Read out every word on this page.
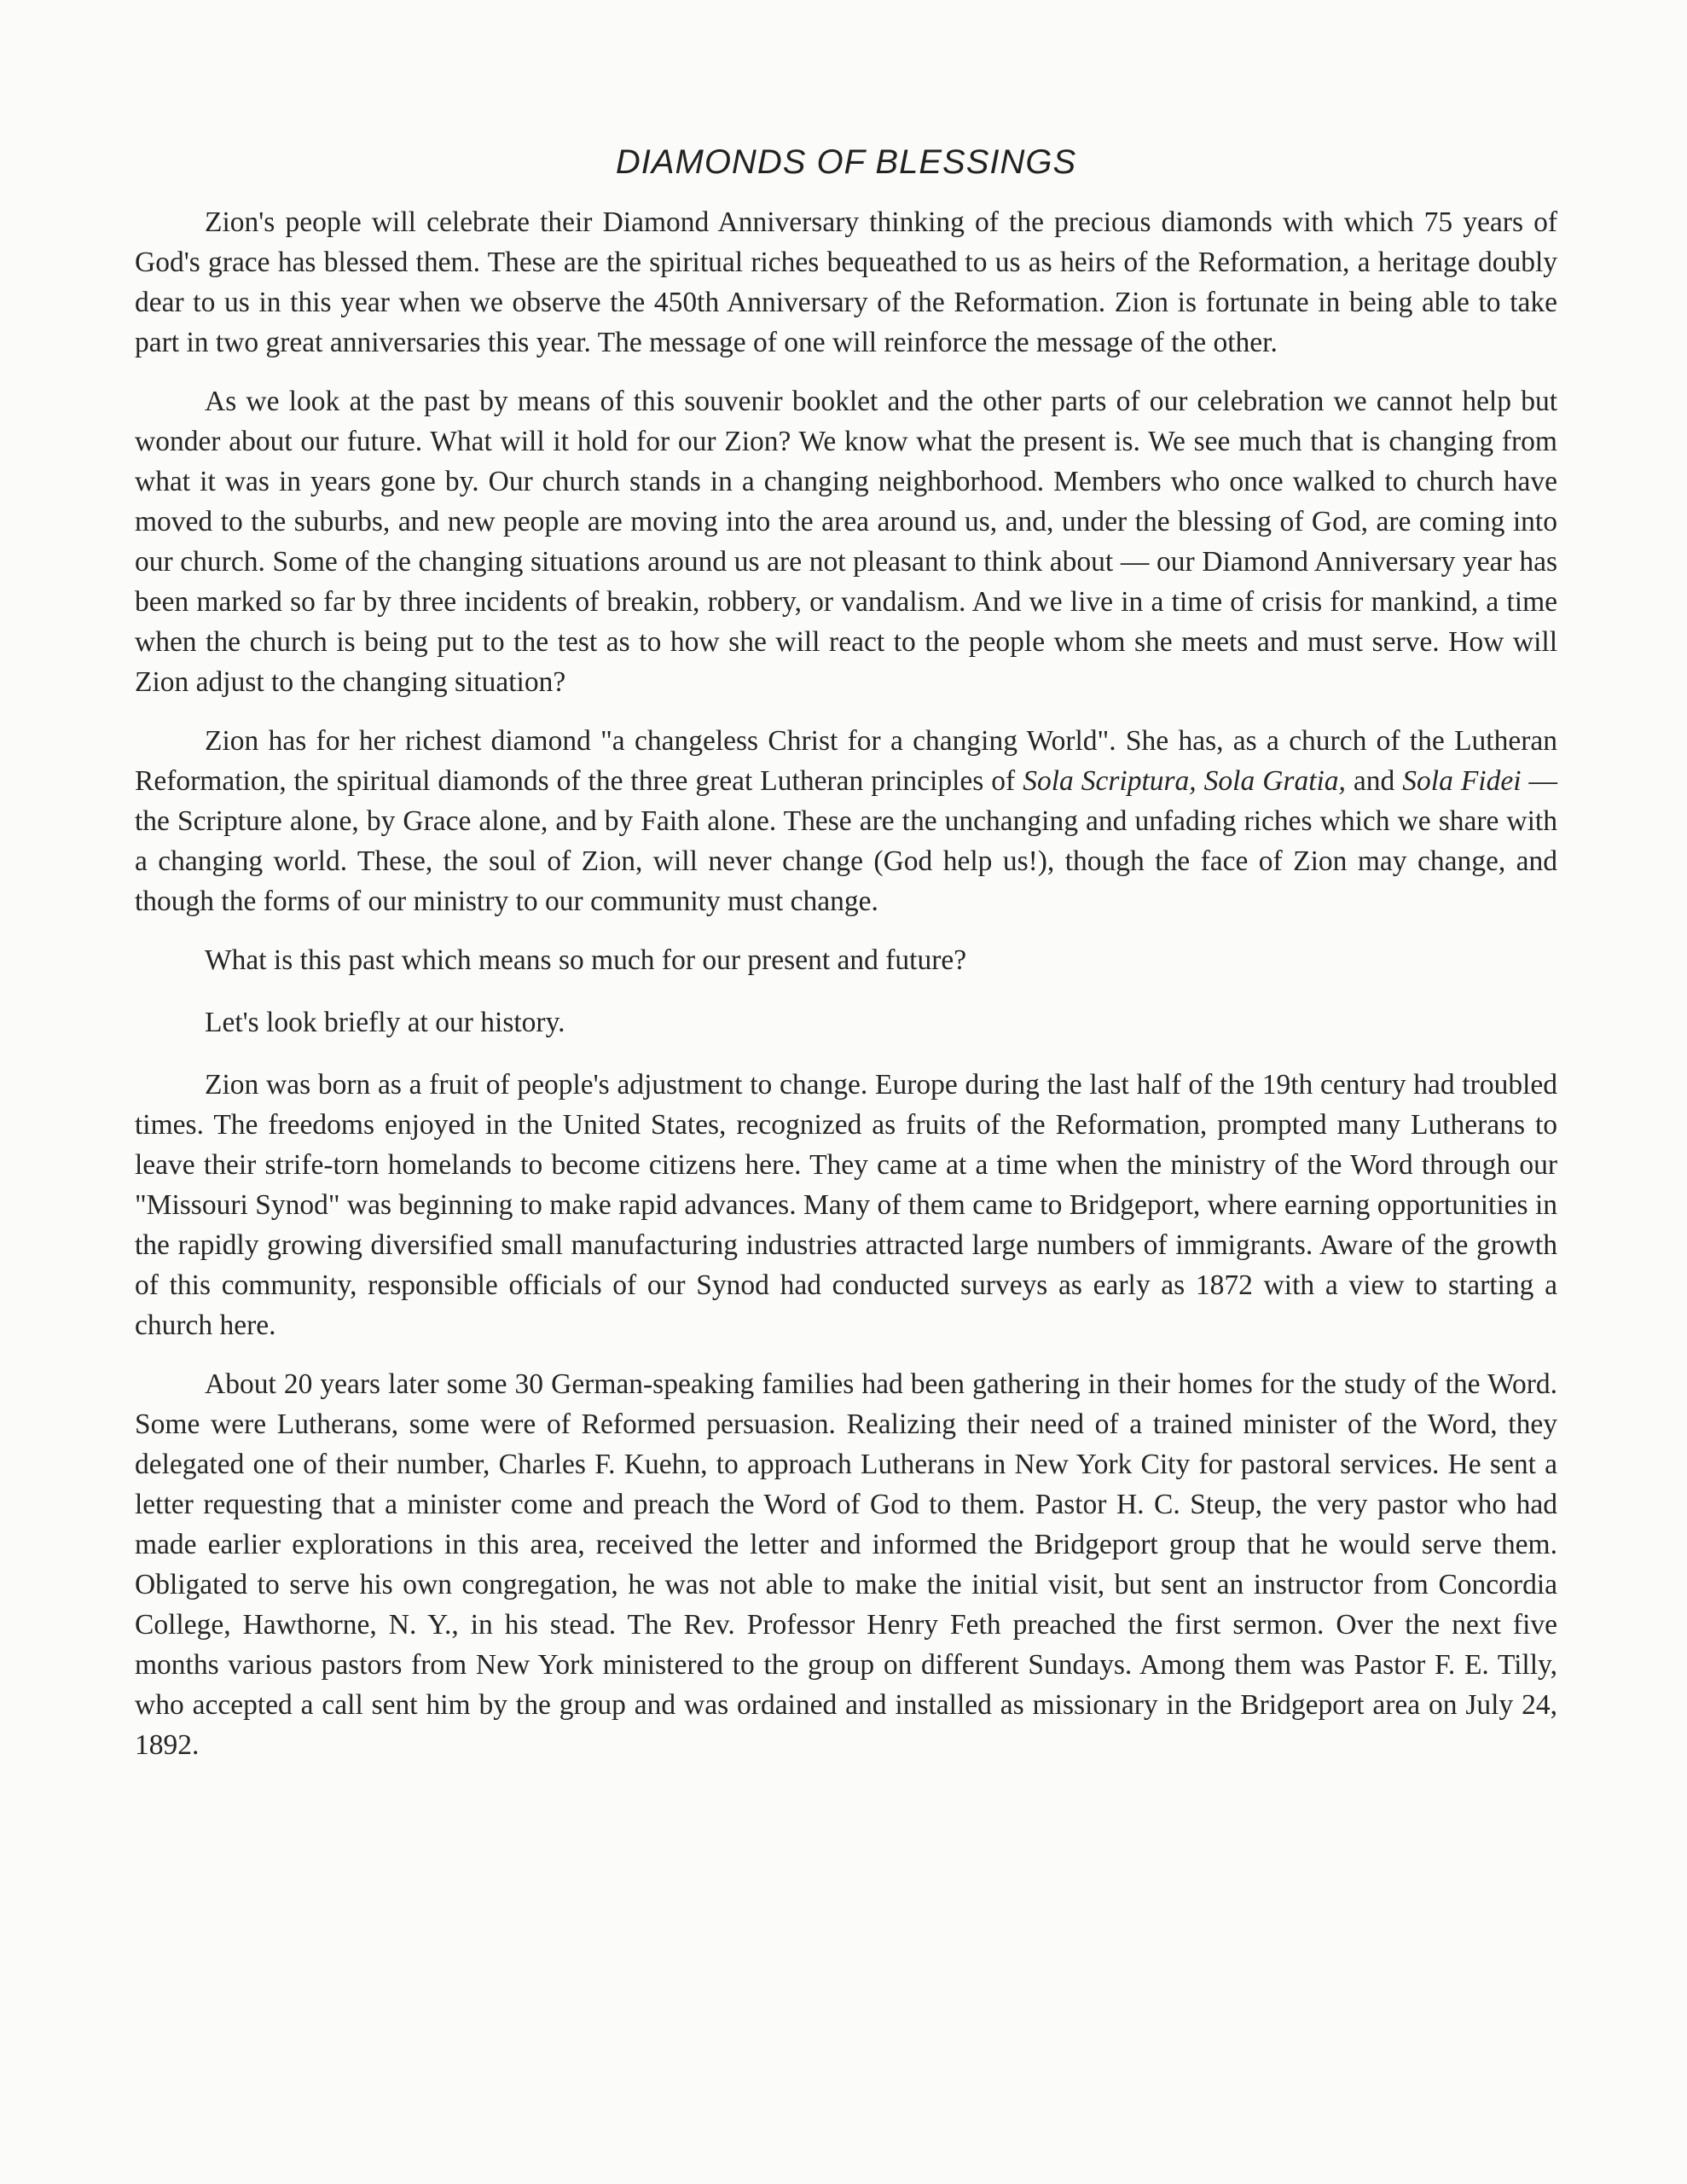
DIAMONDS OF BLESSINGS

Zion's people will celebrate their Diamond Anniversary thinking of the precious diamonds with which 75 years of God's grace has blessed them. These are the spiritual riches bequeathed to us as heirs of the Reformation, a heritage doubly dear to us in this year when we observe the 450th Anniversary of the Reformation. Zion is fortunate in being able to take part in two great anniversaries this year. The message of one will reinforce the message of the other.

As we look at the past by means of this souvenir booklet and the other parts of our celebration we cannot help but wonder about our future. What will it hold for our Zion? We know what the present is. We see much that is changing from what it was in years gone by. Our church stands in a changing neighborhood. Members who once walked to church have moved to the suburbs, and new people are moving into the area around us, and, under the blessing of God, are coming into our church. Some of the changing situations around us are not pleasant to think about — our Diamond Anniversary year has been marked so far by three incidents of breakin, robbery, or vandalism. And we live in a time of crisis for mankind, a time when the church is being put to the test as to how she will react to the people whom she meets and must serve. How will Zion adjust to the changing situation?

Zion has for her richest diamond "a changeless Christ for a changing World". She has, as a church of the Lutheran Reformation, the spiritual diamonds of the three great Lutheran principles of Sola Scriptura, Sola Gratia, and Sola Fidei — the Scripture alone, by Grace alone, and by Faith alone. These are the unchanging and unfading riches which we share with a changing world. These, the soul of Zion, will never change (God help us!), though the face of Zion may change, and though the forms of our ministry to our community must change.

What is this past which means so much for our present and future?

Let's look briefly at our history.

Zion was born as a fruit of people's adjustment to change. Europe during the last half of the 19th century had troubled times. The freedoms enjoyed in the United States, recognized as fruits of the Reformation, prompted many Lutherans to leave their strife-torn homelands to become citizens here. They came at a time when the ministry of the Word through our "Missouri Synod" was beginning to make rapid advances. Many of them came to Bridgeport, where earning opportunities in the rapidly growing diversified small manufacturing industries attracted large numbers of immigrants. Aware of the growth of this community, responsible officials of our Synod had conducted surveys as early as 1872 with a view to starting a church here.

About 20 years later some 30 German-speaking families had been gathering in their homes for the study of the Word. Some were Lutherans, some were of Reformed persuasion. Realizing their need of a trained minister of the Word, they delegated one of their number, Charles F. Kuehn, to approach Lutherans in New York City for pastoral services. He sent a letter requesting that a minister come and preach the Word of God to them. Pastor H. C. Steup, the very pastor who had made earlier explorations in this area, received the letter and informed the Bridgeport group that he would serve them. Obligated to serve his own congregation, he was not able to make the initial visit, but sent an instructor from Concordia College, Hawthorne, N. Y., in his stead. The Rev. Professor Henry Feth preached the first sermon. Over the next five months various pastors from New York ministered to the group on different Sundays. Among them was Pastor F. E. Tilly, who accepted a call sent him by the group and was ordained and installed as missionary in the Bridgeport area on July 24, 1892.
